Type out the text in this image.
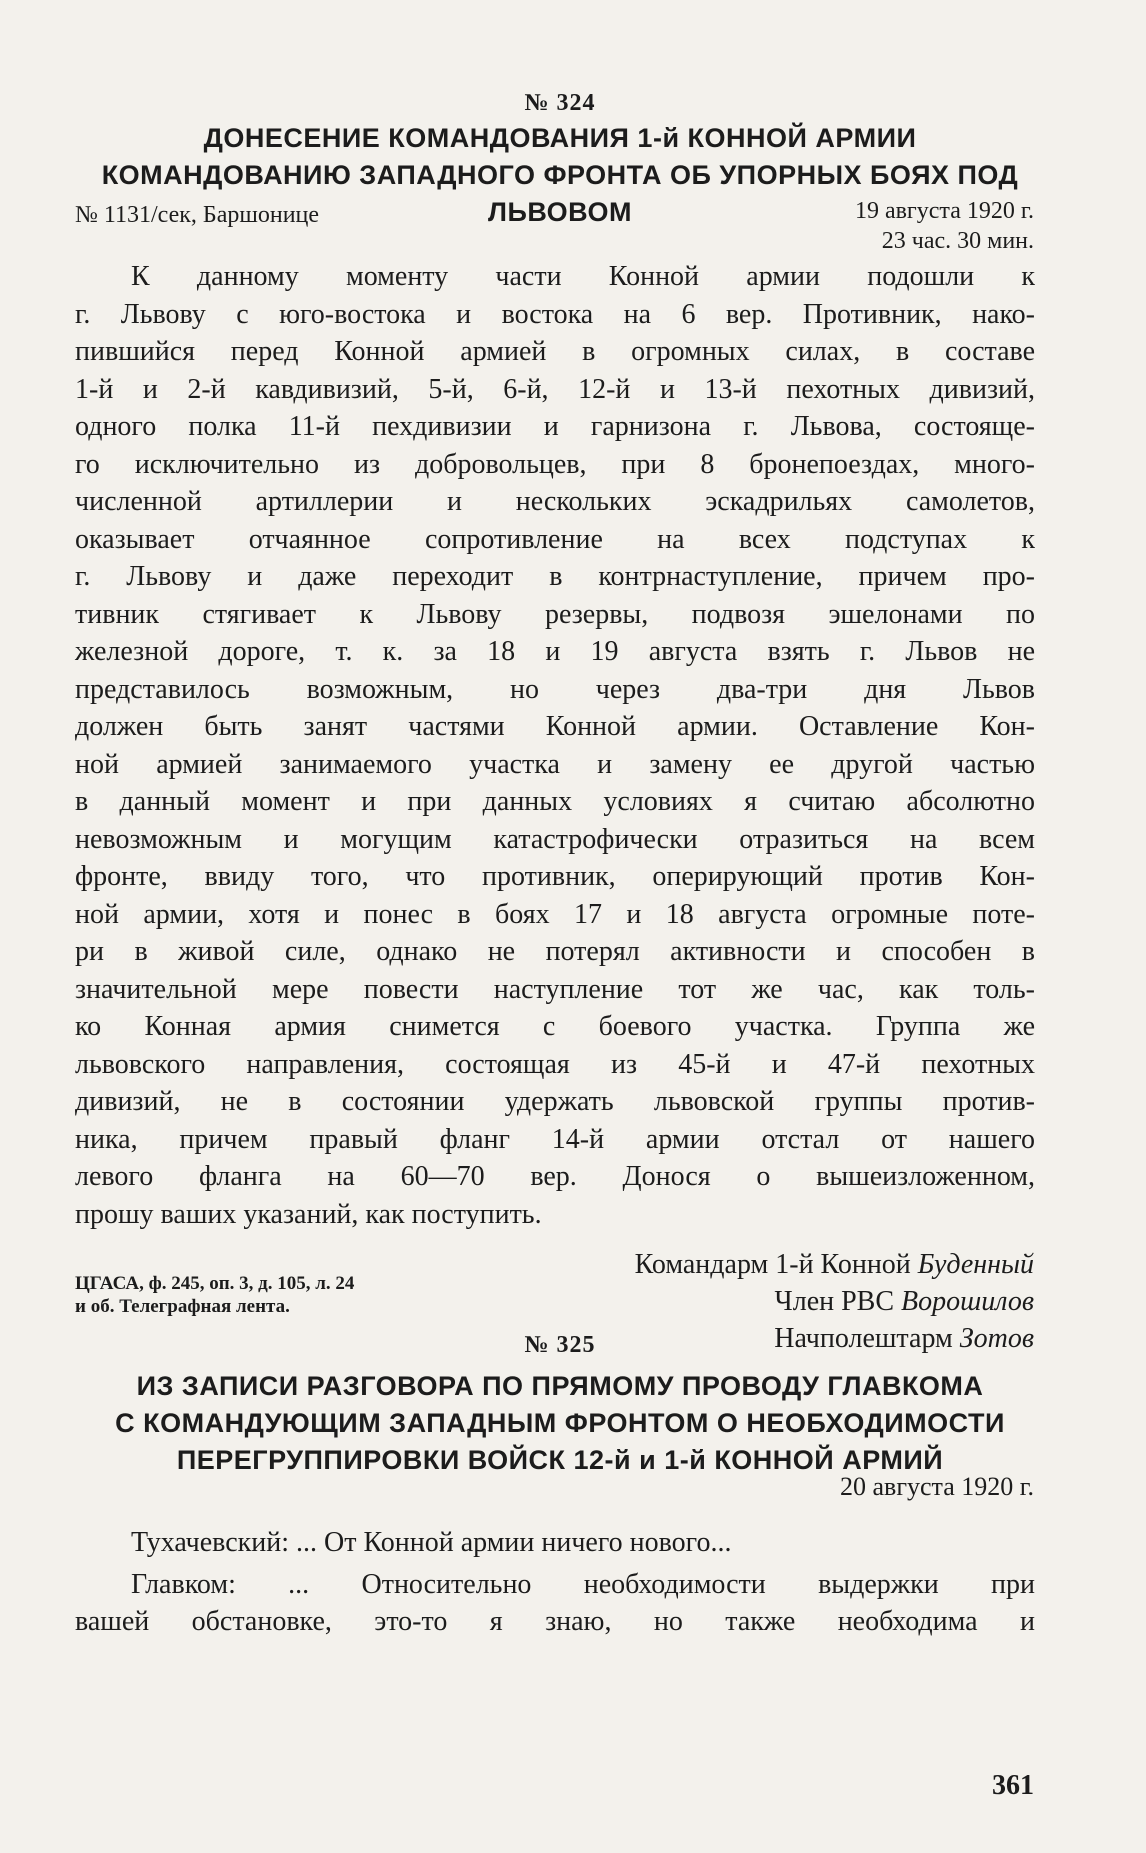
№ 324
ДОНЕСЕНИЕ КОМАНДОВАНИЯ 1-й КОННОЙ АРМИИ
КОМАНДОВАНИЮ ЗАПАДНОГО ФРОНТА ОБ УПОРНЫХ БОЯХ ПОД
ЛЬВОВОМ
№ 1131/сек, Баршонице	19 августа 1920 г.
23 час. 30 мин.
К данному моменту части Конной армии подошли к
г. Львову с юго-востока и востока на 6 вер. Противник, нако-
пившийся перед Конной армией в огромных силах, в составе
1-й и 2-й кавдивизий, 5-й, 6-й, 12-й и 13-й пехотных дивизий,
одного полка 11-й пехдивизии и гарнизона г. Львова, состояще-
го исключительно из добровольцев, при 8 бронепоездах, много-
численной артиллерии и нескольких эскадрильях самолетов,
оказывает отчаянное сопротивление на всех подступах к
г. Львову и даже переходит в контрнаступление, причем про-
тивник стягивает к Львову резервы, подвозя эшелонами по
железной дороге, т. к. за 18 и 19 августа взять г. Львов не
представилось возможным, но через два-три дня Львов
должен быть занят частями Конной армии. Оставление Кон-
ной армией занимаемого участка и замену ее другой частью
в данный момент и при данных условиях я считаю абсолютно
невозможным и могущим катастрофически отразиться на всем
фронте, ввиду того, что противник, оперирующий против Кон-
ной армии, хотя и понес в боях 17 и 18 августа огромные поте-
ри в живой силе, однако не потерял активности и способен в
значительной мере повести наступление тот же час, как толь-
ко Конная армия снимется с боевого участка. Группа же
львовского направления, состоящая из 45-й и 47-й пехотных
дивизий, не в состоянии удержать львовской группы против-
ника, причем правый фланг 14-й армии отстал от нашего
левого фланга на 60—70 вер. Донося о вышеизложенном,
прошу ваших указаний, как поступить.
Командарм 1-й Конной Буденный
Член РВС Ворошилов
Начполештарм Зотов
ЦГАСА, ф. 245, оп. 3, д. 105, л. 24
и об. Телеграфная лента.
№ 325
ИЗ ЗАПИСИ РАЗГОВОРА ПО ПРЯМОМУ ПРОВОДУ ГЛАВКОМА
С КОМАНДУЮЩИМ ЗАПАДНЫМ ФРОНТОМ О НЕОБХОДИМОСТИ
ПЕРЕГРУППИРОВКИ ВОЙСК 12-й и 1-й КОННОЙ АРМИЙ
20 августа 1920 г.
Тухачевский: ... От Конной армии ничего нового...
Главком: ... Относительно необходимости выдержки при
вашей обстановке, это-то я знаю, но также необходима и
361
